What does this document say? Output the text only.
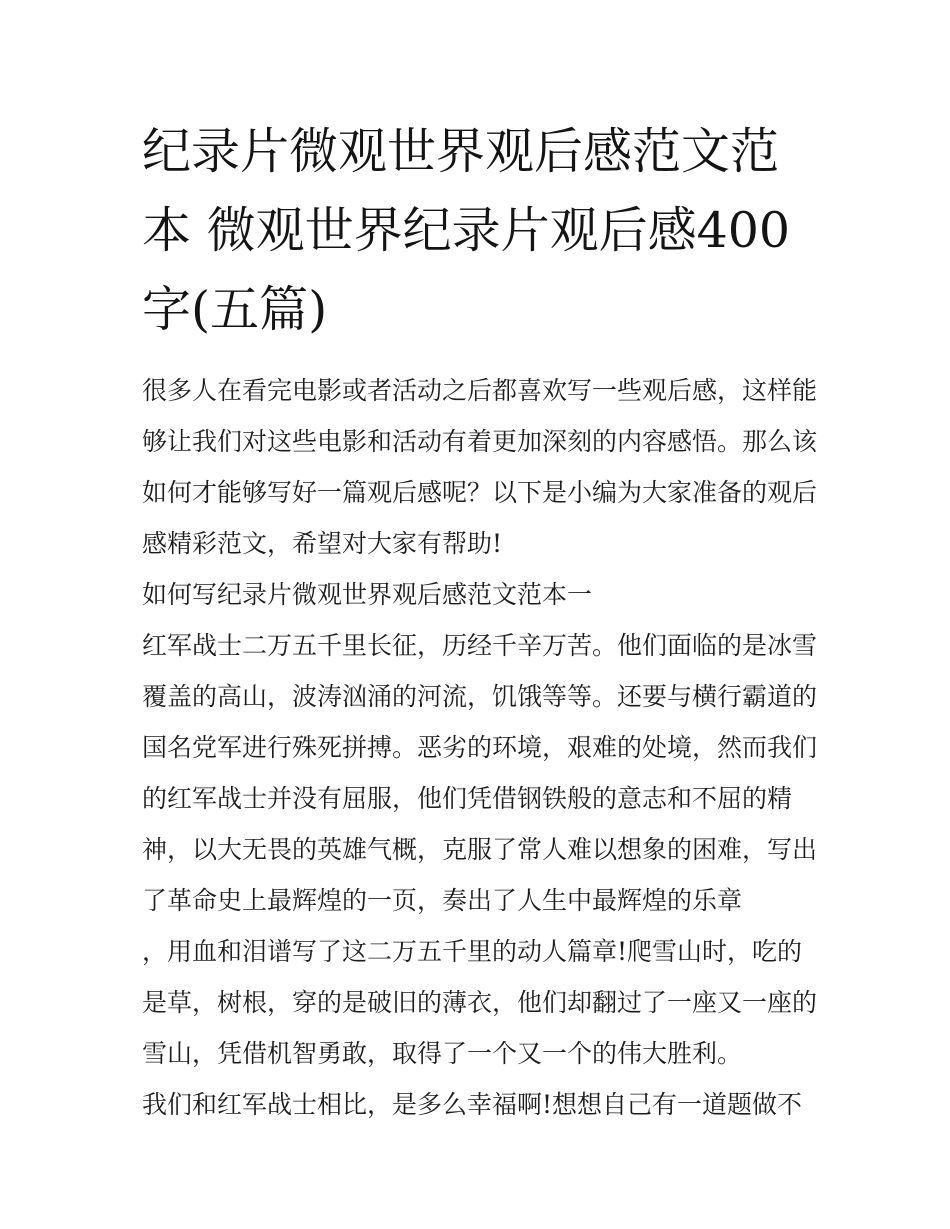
纪录片微观世界观后感范文范
本 微观世界纪录片观后感400
字(五篇)
很多人在看完电影或者活动之后都喜欢写一些观后感，这样能
够让我们对这些电影和活动有着更加深刻的内容感悟。那么该
如何才能够写好一篇观后感呢？以下是小编为大家准备的观后
感精彩范文，希望对大家有帮助!
如何写纪录片微观世界观后感范文范本一
红军战士二万五千里长征，历经千辛万苦。他们面临的是冰雪
覆盖的高山，波涛汹涌的河流，饥饿等等。还要与横行霸道的
国名党军进行殊死拼搏。恶劣的环境，艰难的处境，然而我们
的红军战士并没有屈服，他们凭借钢铁般的意志和不屈的精
神，以大无畏的英雄气概，克服了常人难以想象的困难，写出
了革命史上最辉煌的一页，奏出了人生中最辉煌的乐章
，用血和泪谱写了这二万五千里的动人篇章!爬雪山时，吃的
是草，树根，穿的是破旧的薄衣，他们却翻过了一座又一座的
雪山，凭借机智勇敢，取得了一个又一个的伟大胜利。
我们和红军战士相比，是多么幸福啊!想想自己有一道题做不
